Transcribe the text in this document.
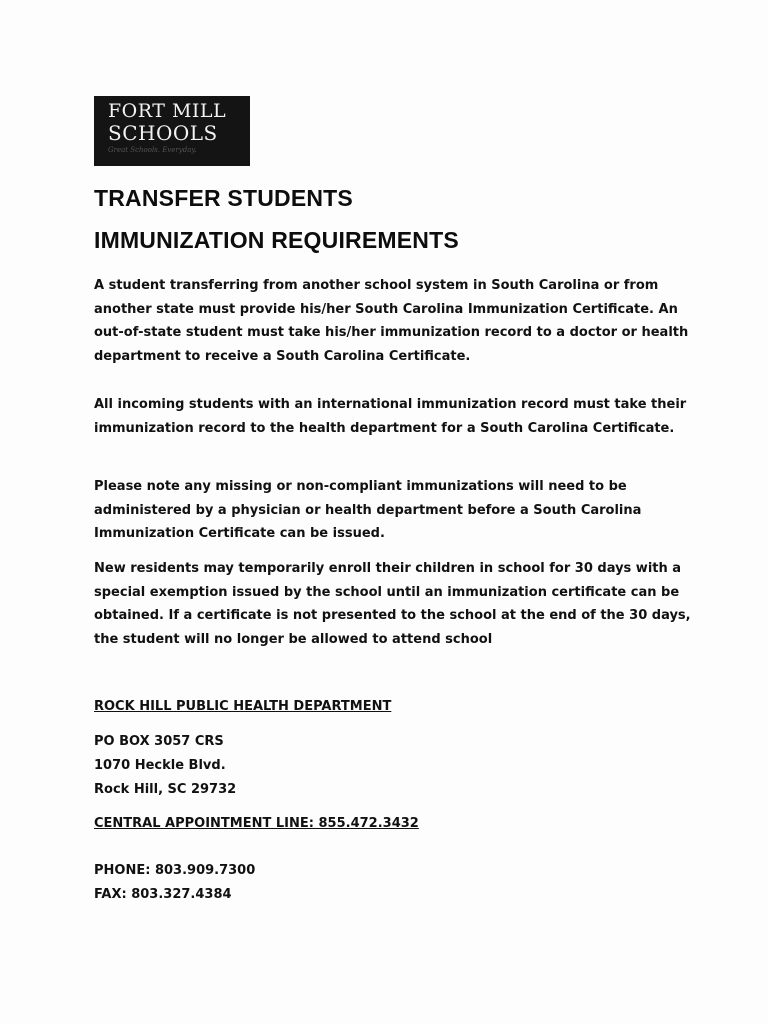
FORT MILL
SCHOOLS
Great Schools. Everyday.
TRANSFER STUDENTS
IMMUNIZATION REQUIREMENTS

A student transferring from another school system in South Carolina or from another state must provide his/her South Carolina Immunization Certificate. An out-of-state student must take his/her immunization record to a doctor or health department to receive a South Carolina Certificate.

All incoming students with an international immunization record must take their immunization record to the health department for a South Carolina Certificate.

Please note any missing or non-compliant immunizations will need to be administered by a physician or health department before a South Carolina Immunization Certificate can be issued.

New residents may temporarily enroll their children in school for 30 days with a special exemption issued by the school until an immunization certificate can be obtained. If a certificate is not presented to the school at the end of the 30 days, the student will no longer be allowed to attend school

ROCK HILL PUBLIC HEALTH DEPARTMENT

PO BOX 3057 CRS

1070 Heckle Blvd.

Rock Hill, SC 29732

CENTRAL APPOINTMENT LINE: 855.472.3432

PHONE: 803.909.7300

FAX: 803.327.4384
